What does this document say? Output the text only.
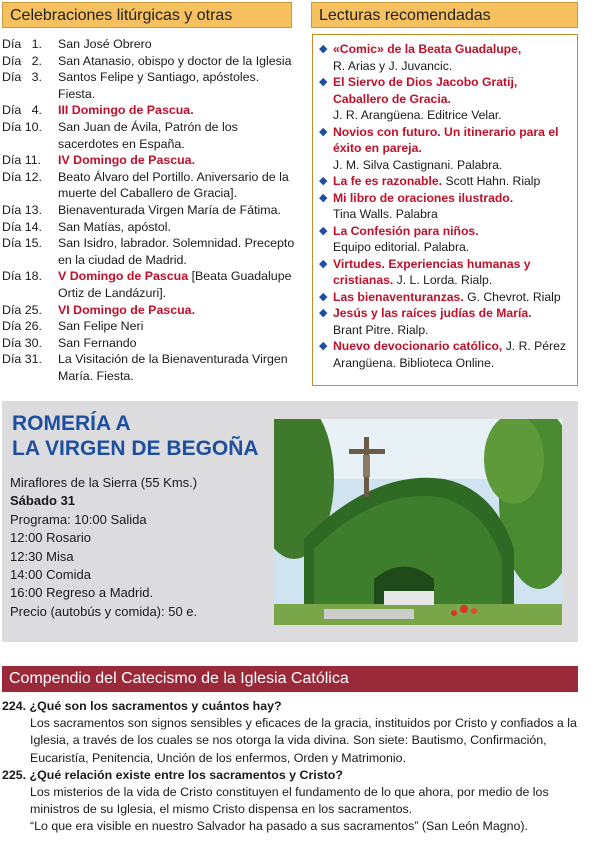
Celebraciones litúrgicas y otras	Lecturas recomendadas
Día   1.	San José Obrero
Día   2.	San Atanasio, obispo y doctor de la Iglesia
Día   3.	Santos Felipe y Santiago, apóstoles. Fiesta.
Día   4.	III Domingo de Pascua.
Día 10.	San Juan de Ávila, Patrón de los sacerdotes en España.
Día 11.	IV Domingo de Pascua.
Día 12.	Beato Álvaro del Portillo. Aniversario de la muerte del Caballero de Gracia].
Día 13.	Bienaventurada Virgen María de Fátima.
Día 14.	San Matías, apóstol.
Día 15.	San Isidro, labrador. Solemnidad. Precepto en la ciudad de Madrid.
Día 18.	V Domingo de Pascua [Beata Guadalupe Ortiz de Landázuri].
Día 25.	VI Domingo de Pascua.
Día 26.	San Felipe Neri
Día 30.	San Fernando
Día 31.	La Visitación de la Bienaventurada Virgen María. Fiesta.
◆ «Comic» de la Beata Guadalupe,
R. Arias y J. Juvancic.
◆ El Siervo de Dios Jacobo Gratij, Caballero de Gracia.
J. R. Arangüena. Editrice Velar.
◆ Novios con futuro. Un itinerario para el éxito en pareja.
J. M. Silva Castignani. Palabra.
◆ La fe es razonable. Scott Hahn. Rialp
◆ Mi libro de oraciones ilustrado.
Tina Walls. Palabra
◆ La Confesión para niños.
Equipo editorial. Palabra.
◆ Virtudes. Experiencias humanas y cristianas. J. L. Lorda. Rialp.
◆ Las bienaventuranzas. G. Chevrot. Rialp
◆ Jesús y las raíces judías de María.
Brant Pitre. Rialp.
◆ Nuevo devocionario católico, J. R. Pérez Arangüena. Biblioteca Online.
ROMERÍA A
LA VIRGEN DE BEGOÑA
Miraflores de la Sierra (55 Kms.)
Sábado 31
Programa: 10:00 Salida
12:00 Rosario
12:30 Misa
14:00 Comida
16:00 Regreso a Madrid.
Precio (autobús y comida): 50 e.
Compendio del Catecismo de la Iglesia Católica
224. ¿Qué son los sacramentos y cuántos hay?
Los sacramentos son signos sensibles y eficaces de la gracia, instituidos por Cristo y confiados a la Iglesia, a través de los cuales se nos otorga la vida divina. Son siete: Bautismo, Confirmación, Eucaristía, Penitencia, Unción de los enfermos, Orden y Matrimonio.
225. ¿Qué relación existe entre los sacramentos y Cristo?
Los misterios de la vida de Cristo constituyen el fundamento de lo que ahora, por medio de los ministros de su Iglesia, el mismo Cristo dispensa en los sacramentos.
“Lo que era visible en nuestro Salvador ha pasado a sus sacramentos” (San León Magno).
